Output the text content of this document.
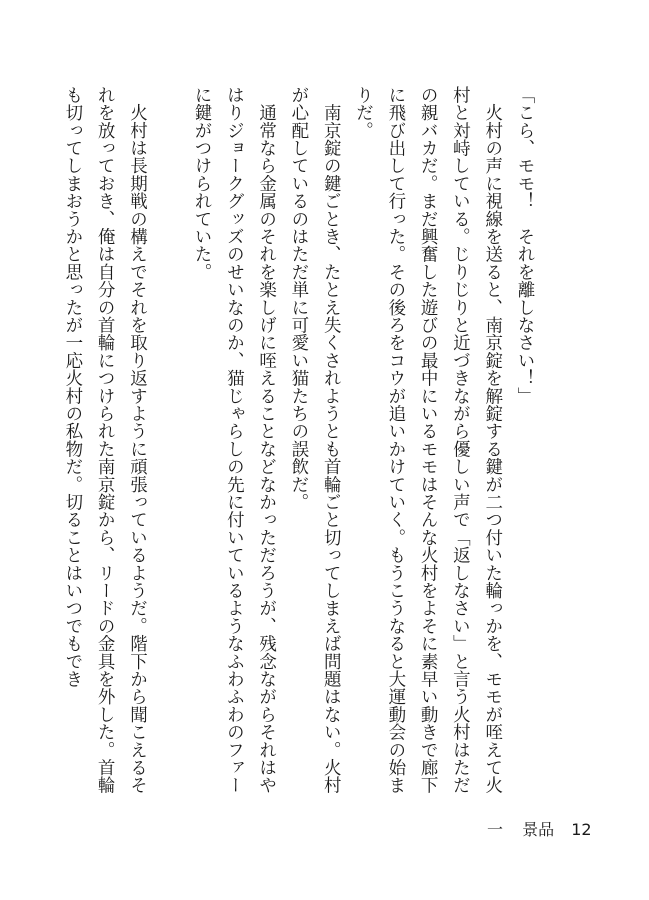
「こら、モモ！　それを離しなさい！」

　火村の声に視線を送ると、南京錠を解錠する鍵が二つ付いた輪っかを、モモが咥えて火村と対峙している。じりじりと近づきながら優しい声で「返しなさい」と言う火村はただの親バカだ。まだ興奮した遊びの最中にいるモモはそんな火村をよそに素早い動きで廊下に飛び出して行った。その後ろをコウが追いかけていく。もうこうなると大運動会の始まりだ。

　南京錠の鍵ごとき、たとえ失くされようとも首輪ごと切ってしまえば問題はない。火村が心配しているのはただ単に可愛い猫たちの誤飲だ。

　通常なら金属のそれを楽しげに咥えることなどなかっただろうが、残念ながらそれはやはりジョークグッズのせいなのか、猫じゃらしの先に付いているようなふわふわのファーに鍵がつけられていた。

　火村は長期戦の構えでそれを取り返すように頑張っているようだ。階下から聞こえるそれを放っておき、俺は自分の首輪につけられた南京錠から、リードの金具を外した。首輪も切ってしまおうかと思ったが一応火村の私物だ。切ることはいつでもでき

一 景品 12
